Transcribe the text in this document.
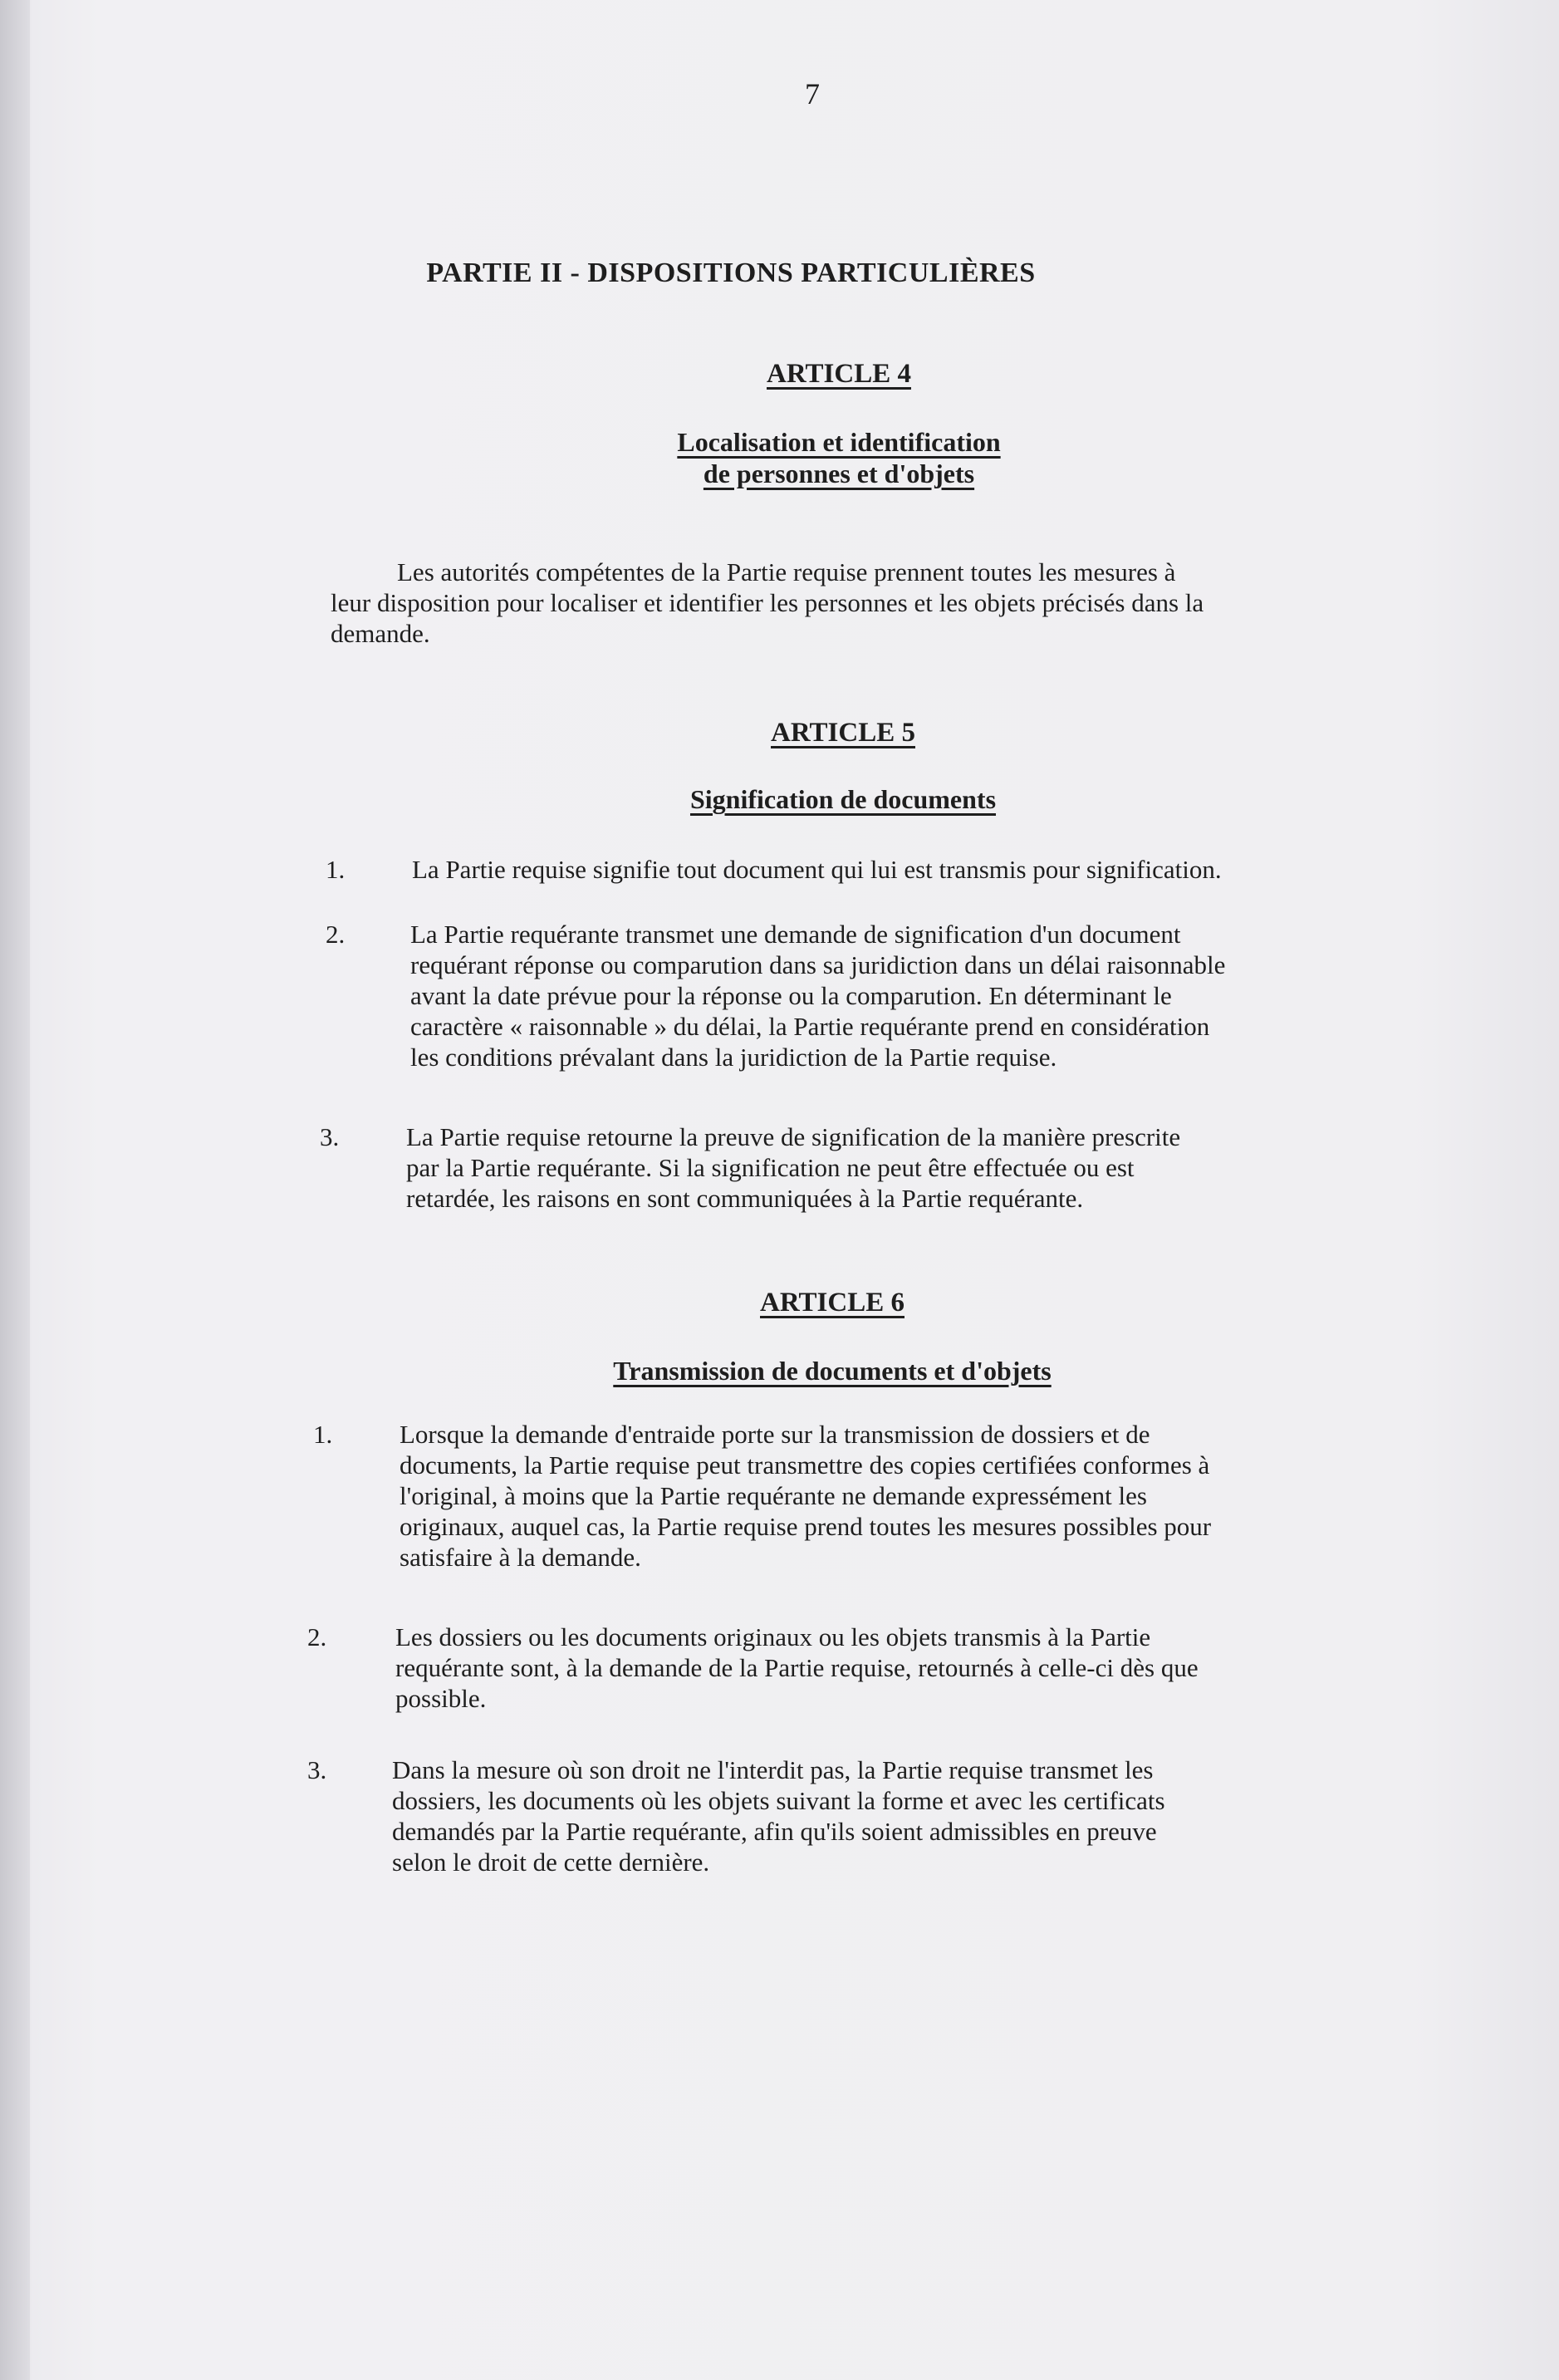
7
PARTIE II - DISPOSITIONS PARTICULIÈRES
ARTICLE 4
Localisation et identification
de personnes et d'objets
Les autorités compétentes de la Partie requise prennent toutes les mesures à
leur disposition pour localiser et identifier les personnes et les objets précisés dans la
demande.
ARTICLE 5
Signification de documents
1.	La Partie requise signifie tout document qui lui est transmis pour signification.
2.	La Partie requérante transmet une demande de signification d'un document
requérant réponse ou comparution dans sa juridiction dans un délai raisonnable
avant la date prévue pour la réponse ou la comparution. En déterminant le
caractère « raisonnable » du délai, la Partie requérante prend en considération
les conditions prévalant dans la juridiction de la Partie requise.
3.	La Partie requise retourne la preuve de signification de la manière prescrite
par la Partie requérante. Si la signification ne peut être effectuée ou est
retardée, les raisons en sont communiquées à la Partie requérante.
ARTICLE 6
Transmission de documents et d'objets
1.	Lorsque la demande d'entraide porte sur la transmission de dossiers et de
documents, la Partie requise peut transmettre des copies certifiées conformes à
l'original, à moins que la Partie requérante ne demande expressément les
originaux, auquel cas, la Partie requise prend toutes les mesures possibles pour
satisfaire à la demande.
2.	Les dossiers ou les documents originaux ou les objets transmis à la Partie
requérante sont, à la demande de la Partie requise, retournés à celle-ci dès que
possible.
3.	Dans la mesure où son droit ne l'interdit pas, la Partie requise transmet les
dossiers, les documents où les objets suivant la forme et avec les certificats
demandés par la Partie requérante, afin qu'ils soient admissibles en preuve
selon le droit de cette dernière.
